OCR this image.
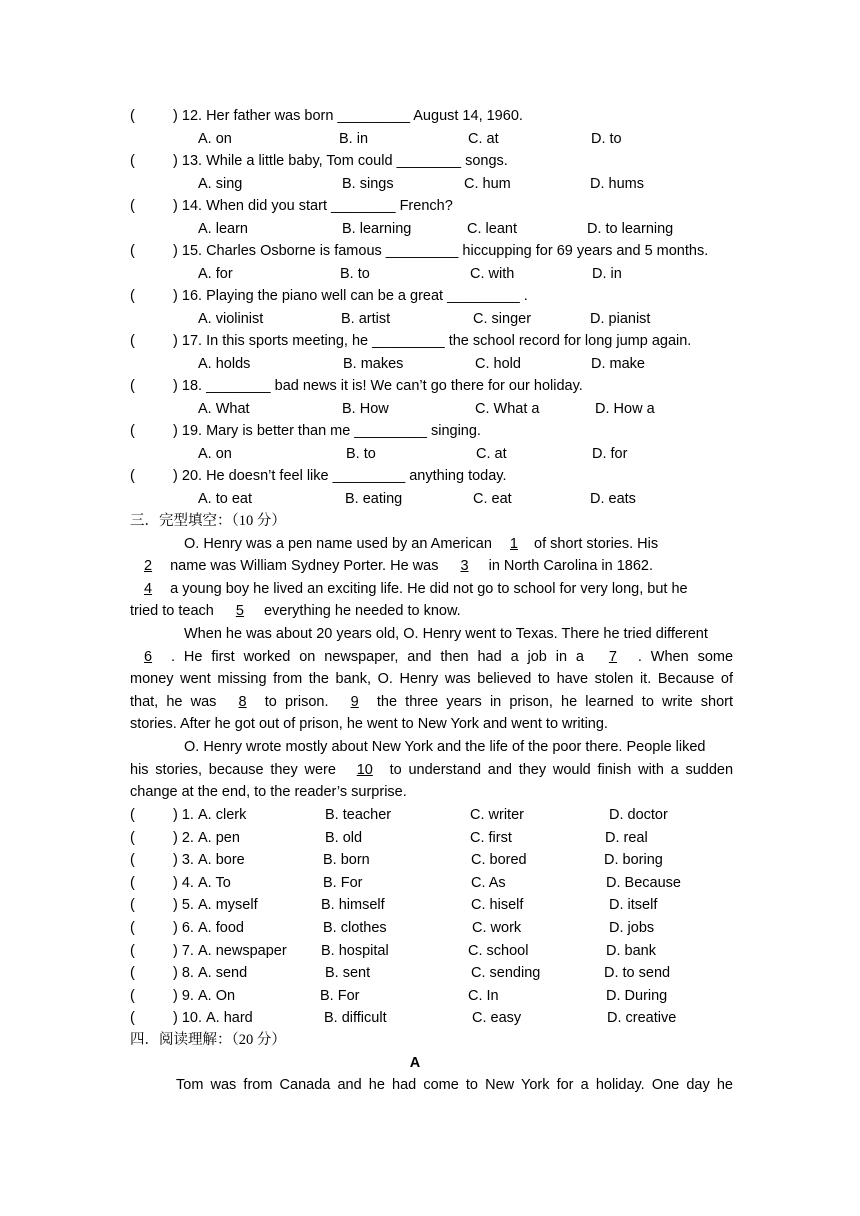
(	) 12. Her father was born _________ August 14, 1960.
A. on	B. in	C. at	D. to
(	) 13. While a little baby, Tom could ________ songs.
A. sing	B. sings	C. hum	D. hums
(	) 14. When did you start ________ French?
A. learn	B. learning	C. leant	D. to learning
(	) 15. Charles Osborne is famous _________ hiccupping for 69 years and 5 months.
A. for	B. to	C. with	D. in
(	) 16. Playing the piano well can be a great _________ .
A. violinist	B. artist	C. singer	D. pianist
(	) 17. In this sports meeting, he _________ the school record for long jump again.
A. holds	B. makes	C. hold	D. make
(	) 18. ________ bad news it is! We can’t go there for our holiday.
A. What	B. How	C. What a	D. How a
(	) 19. Mary is better than me _________ singing.
A. on	B. to	C. at	D. for
(	) 20. He doesn’t feel like _________ anything today.
A. to eat	B. eating	C. eat	D. eats
三．完型填空：（10 分）
O. Henry was a pen name used by an American 1 of short stories. His
2 name was William Sydney Porter. He was 3 in North Carolina in 1862.
4 a young boy he lived an exciting life. He did not go to school for very long, but he
tried to teach 5 everything he needed to know.
When he was about 20 years old, O. Henry went to Texas. There he tried different
6 . He first worked on newspaper, and then had a job in a 7 . When some
money went missing from the bank, O. Henry was believed to have stolen it. Because of
that, he was 8 to prison. 9 the three years in prison, he learned to write short
stories. After he got out of prison, he went to New York and went to writing.
O. Henry wrote mostly about New York and the life of the poor there. People liked
his stories, because they were 10 to understand and they would finish with a sudden
change at the end, to the reader’s surprise.
(	) 1. A. clerk	B. teacher	C. writer	D. doctor
(	) 2. A. pen	B. old	C. first	D. real
(	) 3. A. bore	B. born	C. bored	D. boring
(	) 4. A. To	B. For	C. As	D. Because
(	) 5. A. myself	B. himself	C. hiself	D. itself
(	) 6. A. food	B. clothes	C. work	D. jobs
(	) 7. A. newspaper B. hospital	C. school	D. bank
(	) 8. A. send	B. sent	C. sending	D. to send
(	) 9. A. On	B. For	C. In	D. During
(	) 10. A. hard	B. difficult	C. easy	D. creative
四．阅读理解：（20 分）
A
Tom was from Canada and he had come to New York for a holiday. One day he
